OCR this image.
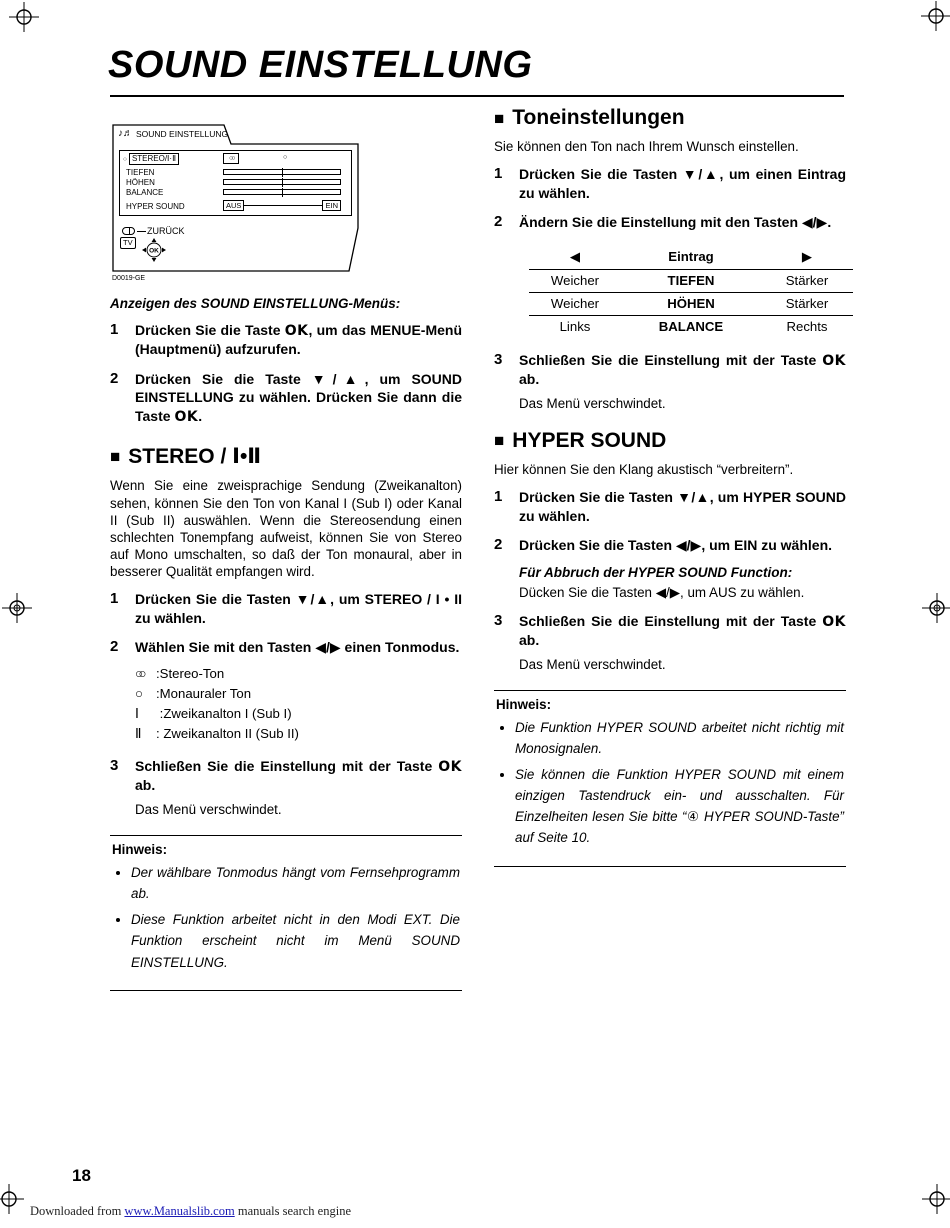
SOUND EINSTELLUNG
♪♬ SOUND EINSTELLUNG
○ STEREO/Ⅰ·Ⅱ
TIEFEN
HÖHEN
BALANCE
HYPER SOUND
○○	○
AUS	EIN
ZURÜCK
TV
OK
D0019-GE
Anzeigen des SOUND EINSTELLUNG-Menüs:
1	Drücken Sie die Taste OK, um das MENUE-Menü (Hauptmenü) aufzurufen.

2	Drücken Sie die Taste ▼/▲, um SOUND EINSTELLUNG zu wählen. Drücken Sie dann die Taste OK.

■ STEREO / Ⅰ•Ⅱ

Wenn Sie eine zweisprachige Sendung (Zweikanalton) sehen, können Sie den Ton von Kanal I (Sub I) oder Kanal II (Sub II) auswählen. Wenn die Stereosendung einen schlechten Tonempfang aufweist, können Sie von Stereo auf Mono umschalten, so daß der Ton monaural, aber in besserer Qualität empfangen wird.

1	Drücken Sie die Tasten ▼/▲, um STEREO / I • II zu wählen.

2	Wählen Sie mit den Tasten ◀/▶ einen Tonmodus.

○○	:Stereo-Ton
○ :Monauraler Ton
Ⅰ	:Zweikanalton I (Sub I)
Ⅱ	: Zweikanalton II (Sub II)
3	Schließen Sie die Einstellung mit der Taste OK ab.

Das Menü verschwindet.

Hinweis:

• Der wählbare Tonmodus hängt vom Fernsehprogramm ab.
• Diese Funktion arbeitet nicht in den Modi EXT. Die Funktion erscheint nicht im Menü SOUND EINSTELLUNG.
■ Toneinstellungen

Sie können den Ton nach Ihrem Wunsch einstellen.

1	Drücken Sie die Tasten ▼/▲, um einen Eintrag zu wählen.

2	Ändern Sie die Einstellung mit den Tasten ◀/▶.

◀	Eintrag	▶
Weicher	TIEFEN	Stärker
Weicher	HÖHEN	Stärker
Links	BALANCE	Rechts
3	Schließen Sie die Einstellung mit der Taste OK ab.

Das Menü verschwindet.

■ HYPER SOUND

Hier können Sie den Klang akustisch “verbreitern”.

1	Drücken Sie die Tasten ▼/▲, um HYPER SOUND zu wählen.

2	Drücken Sie die Tasten ◀/▶, um EIN zu wählen.

Für Abbruch der HYPER SOUND Function:

Dücken Sie die Tasten ◀/▶, um AUS zu wählen.

3	Schließen Sie die Einstellung mit der Taste OK ab.

Das Menü verschwindet.

Hinweis:

• Die Funktion HYPER SOUND arbeitet nicht richtig mit Monosignalen.
• Sie können die Funktion HYPER SOUND mit einem einzigen Tastendruck ein- und ausschalten. Für Einzelheiten lesen Sie bitte “④ HYPER SOUND-Taste” auf Seite 10.
18
Downloaded from www.Manualslib.com manuals search engine
